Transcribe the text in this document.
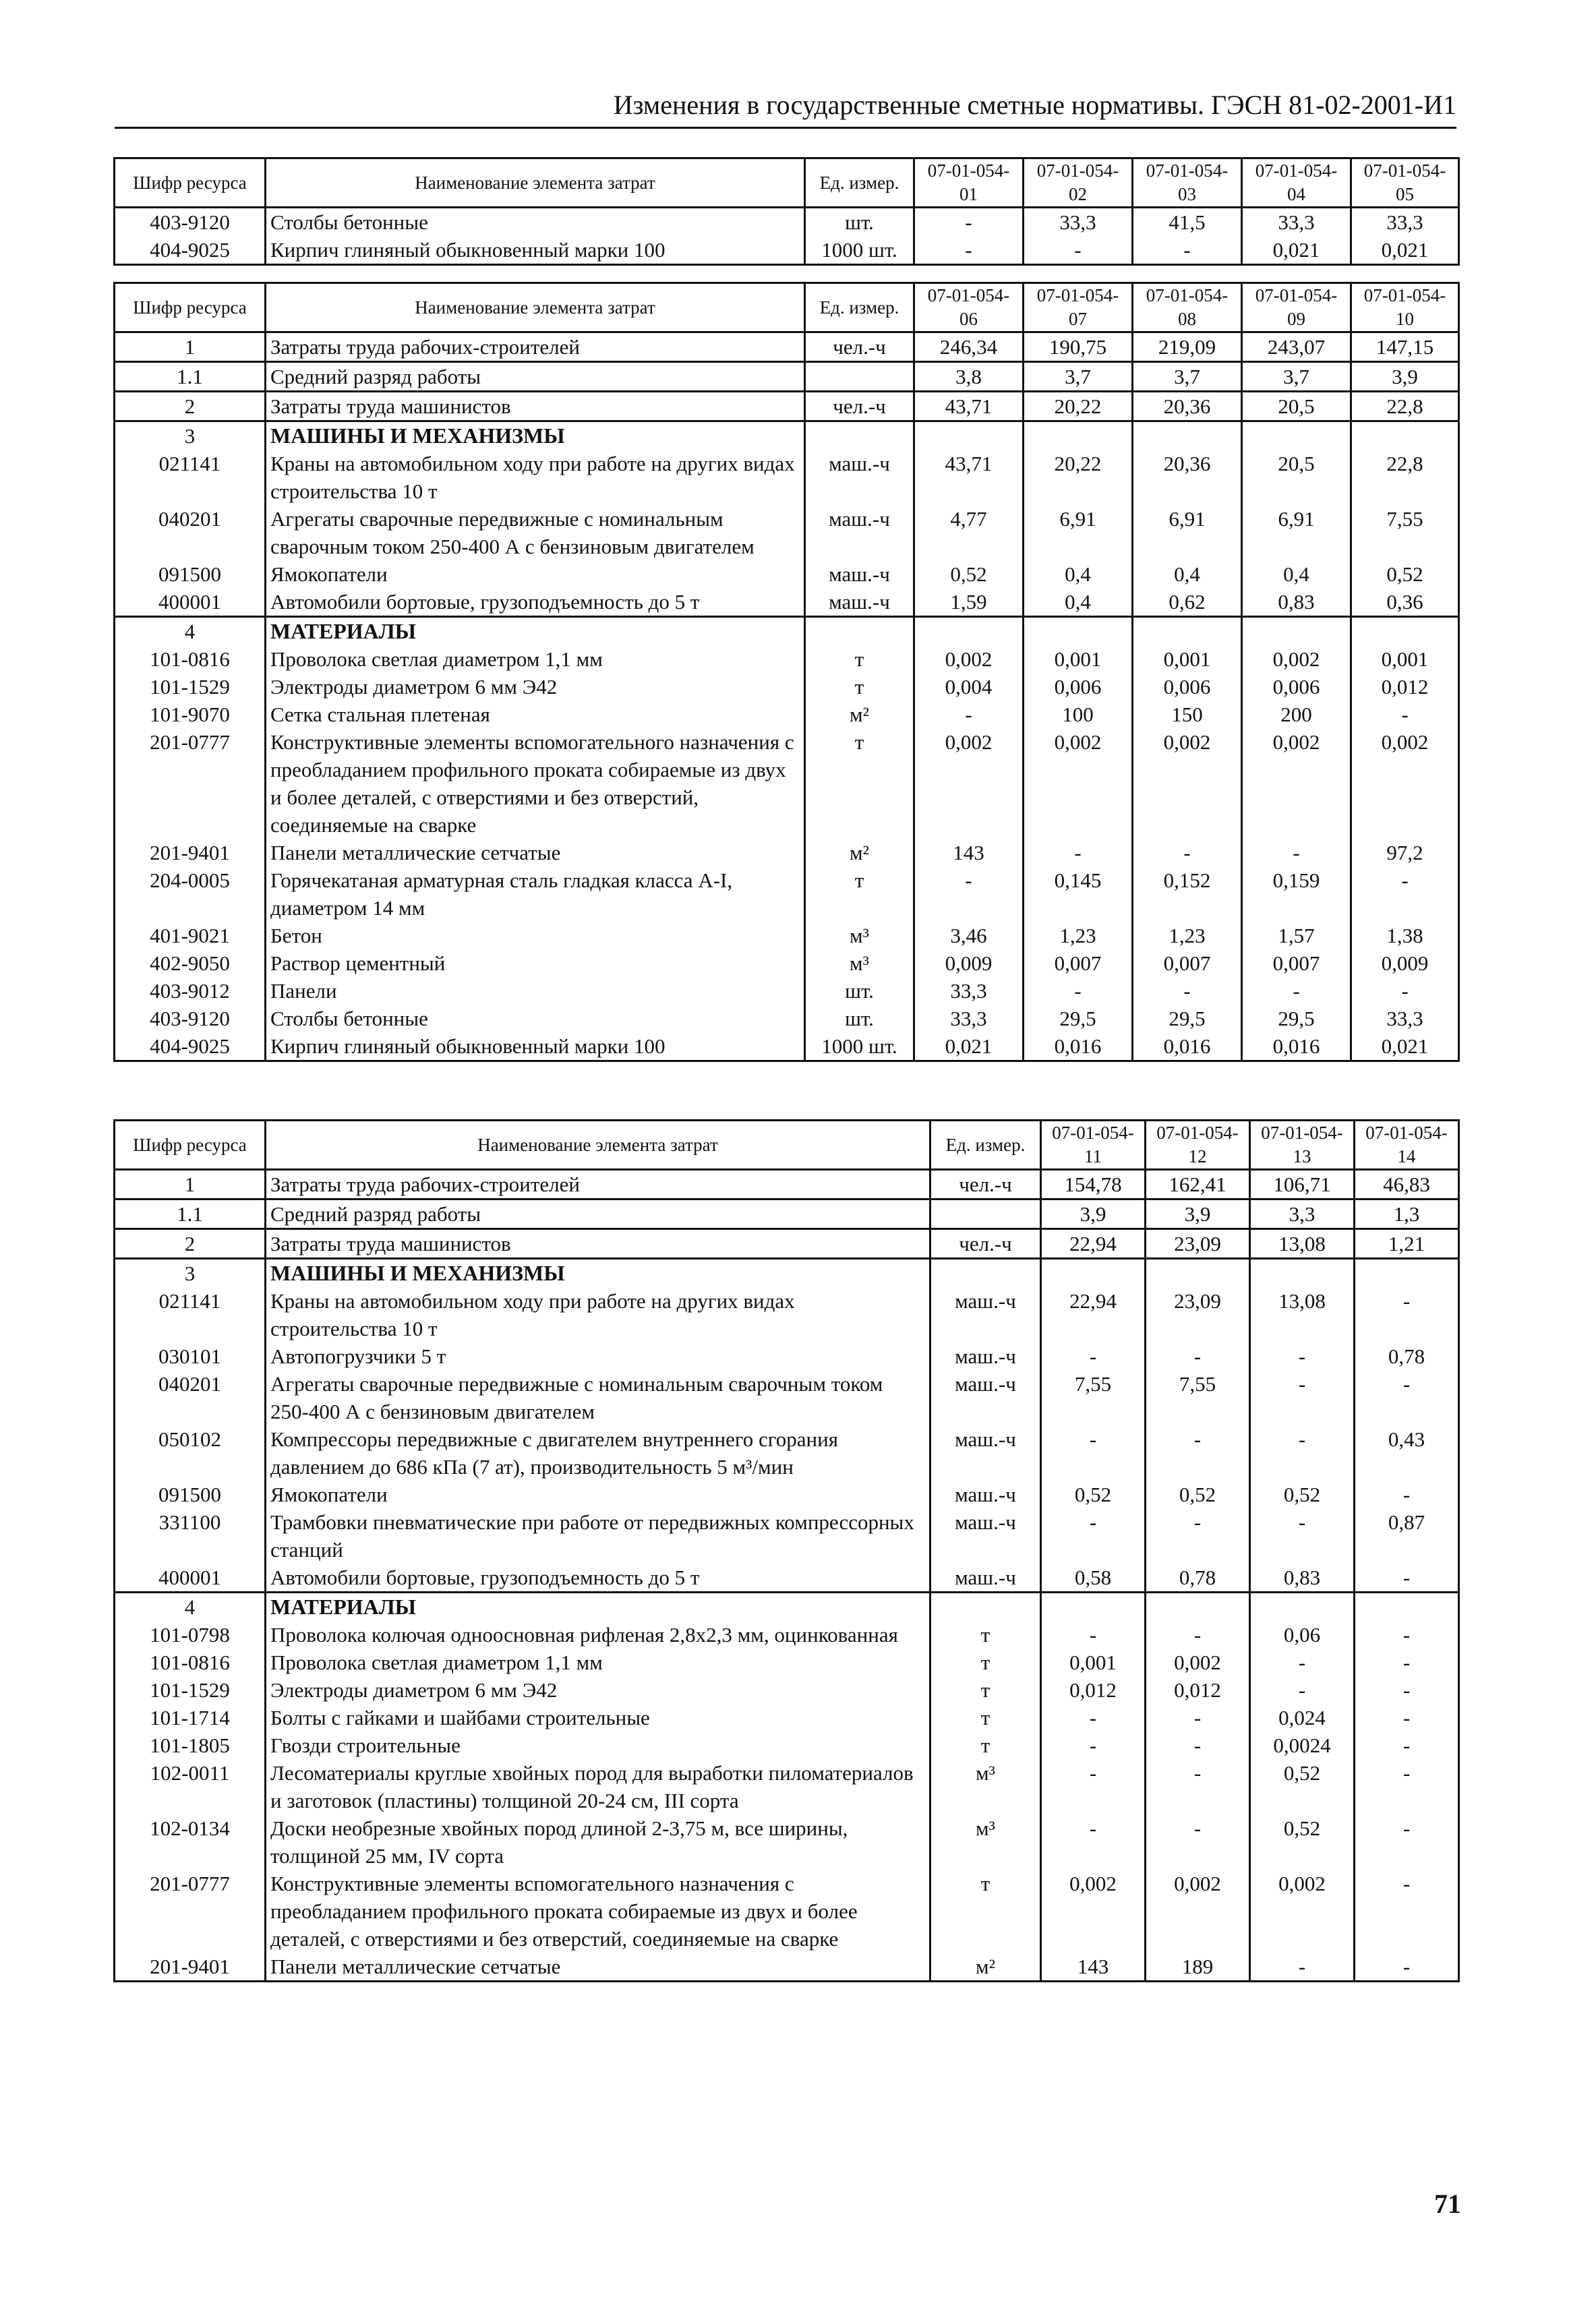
Изменения в государственные сметные нормативы. ГЭСН 81-02-2001-И1
Шифр ресурса	Наименование элемента затрат	Ед. измер.	07-01-054-01	07-01-054-02	07-01-054-03	07-01-054-04	07-01-054-05
403-9120	Столбы бетонные	шт.	-	33,3	41,5	33,3	33,3
404-9025	Кирпич глиняный обыкновенный марки 100	1000 шт.	-	-	-	0,021	0,021
Шифр ресурса	Наименование элемента затрат	Ед. измер.	07-01-054-06	07-01-054-07	07-01-054-08	07-01-054-09	07-01-054-10
1	Затраты труда рабочих-строителей	чел.-ч	246,34	190,75	219,09	243,07	147,15
1.1	Средний разряд работы		3,8	3,7	3,7	3,7	3,9
2	Затраты труда машинистов	чел.-ч	43,71	20,22	20,36	20,5	22,8
3	МАШИНЫ И МЕХАНИЗМЫ						
021141	Краны на автомобильном ходу при работе на других видах строительства 10 т	маш.-ч	43,71	20,22	20,36	20,5	22,8
040201	Агрегаты сварочные передвижные с номинальным сварочным током 250-400 А с бензиновым двигателем	маш.-ч	4,77	6,91	6,91	6,91	7,55
091500	Ямокопатели	маш.-ч	0,52	0,4	0,4	0,4	0,52
400001	Автомобили бортовые, грузоподъемность до 5 т	маш.-ч	1,59	0,4	0,62	0,83	0,36
4	МАТЕРИАЛЫ						
101-0816	Проволока светлая диаметром 1,1 мм	т	0,002	0,001	0,001	0,002	0,001
101-1529	Электроды диаметром 6 мм Э42	т	0,004	0,006	0,006	0,006	0,012
101-9070	Сетка стальная плетеная	м²	-	100	150	200	-
201-0777	Конструктивные элементы вспомогательного назначения с преобладанием профильного проката собираемые из двух и более деталей, с отверстиями и без отверстий, соединяемые на сварке	т	0,002	0,002	0,002	0,002	0,002
201-9401	Панели металлические сетчатые	м²	143	-	-	-	97,2
204-0005	Горячекатаная арматурная сталь гладкая класса А-I, диаметром 14 мм	т	-	0,145	0,152	0,159	-
401-9021	Бетон	м³	3,46	1,23	1,23	1,57	1,38
402-9050	Раствор цементный	м³	0,009	0,007	0,007	0,007	0,009
403-9012	Панели	шт.	33,3	-	-	-	-
403-9120	Столбы бетонные	шт.	33,3	29,5	29,5	29,5	33,3
404-9025	Кирпич глиняный обыкновенный марки 100	1000 шт.	0,021	0,016	0,016	0,016	0,021
Шифр ресурса	Наименование элемента затрат	Ед. измер.	07-01-054-11	07-01-054-12	07-01-054-13	07-01-054-14
1	Затраты труда рабочих-строителей	чел.-ч	154,78	162,41	106,71	46,83
1.1	Средний разряд работы		3,9	3,9	3,3	1,3
2	Затраты труда машинистов	чел.-ч	22,94	23,09	13,08	1,21
3	МАШИНЫ И МЕХАНИЗМЫ					
021141	Краны на автомобильном ходу при работе на других видах строительства 10 т	маш.-ч	22,94	23,09	13,08	-
030101	Автопогрузчики 5 т	маш.-ч	-	-	-	0,78
040201	Агрегаты сварочные передвижные с номинальным сварочным током 250-400 А с бензиновым двигателем	маш.-ч	7,55	7,55	-	-
050102	Компрессоры передвижные с двигателем внутреннего сгорания давлением до 686 кПа (7 ат), производительность 5 м³/мин	маш.-ч	-	-	-	0,43
091500	Ямокопатели	маш.-ч	0,52	0,52	0,52	-
331100	Трамбовки пневматические при работе от передвижных компрессорных станций	маш.-ч	-	-	-	0,87
400001	Автомобили бортовые, грузоподъемность до 5 т	маш.-ч	0,58	0,78	0,83	-
4	МАТЕРИАЛЫ					
101-0798	Проволока колючая одноосновная рифленая 2,8х2,3 мм, оцинкованная	т	-	-	0,06	-
101-0816	Проволока светлая диаметром 1,1 мм	т	0,001	0,002	-	-
101-1529	Электроды диаметром 6 мм Э42	т	0,012	0,012	-	-
101-1714	Болты с гайками и шайбами строительные	т	-	-	0,024	-
101-1805	Гвозди строительные	т	-	-	0,0024	-
102-0011	Лесоматериалы круглые хвойных пород для выработки пиломатериалов и заготовок (пластины) толщиной 20-24 см, III сорта	м³	-	-	0,52	-
102-0134	Доски необрезные хвойных пород длиной 2-3,75 м, все ширины, толщиной 25 мм, IV сорта	м³	-	-	0,52	-
201-0777	Конструктивные элементы вспомогательного назначения с преобладанием профильного проката собираемые из двух и более деталей, с отверстиями и без отверстий, соединяемые на сварке	т	0,002	0,002	0,002	-
201-9401	Панели металлические сетчатые	м²	143	189	-	-
71
